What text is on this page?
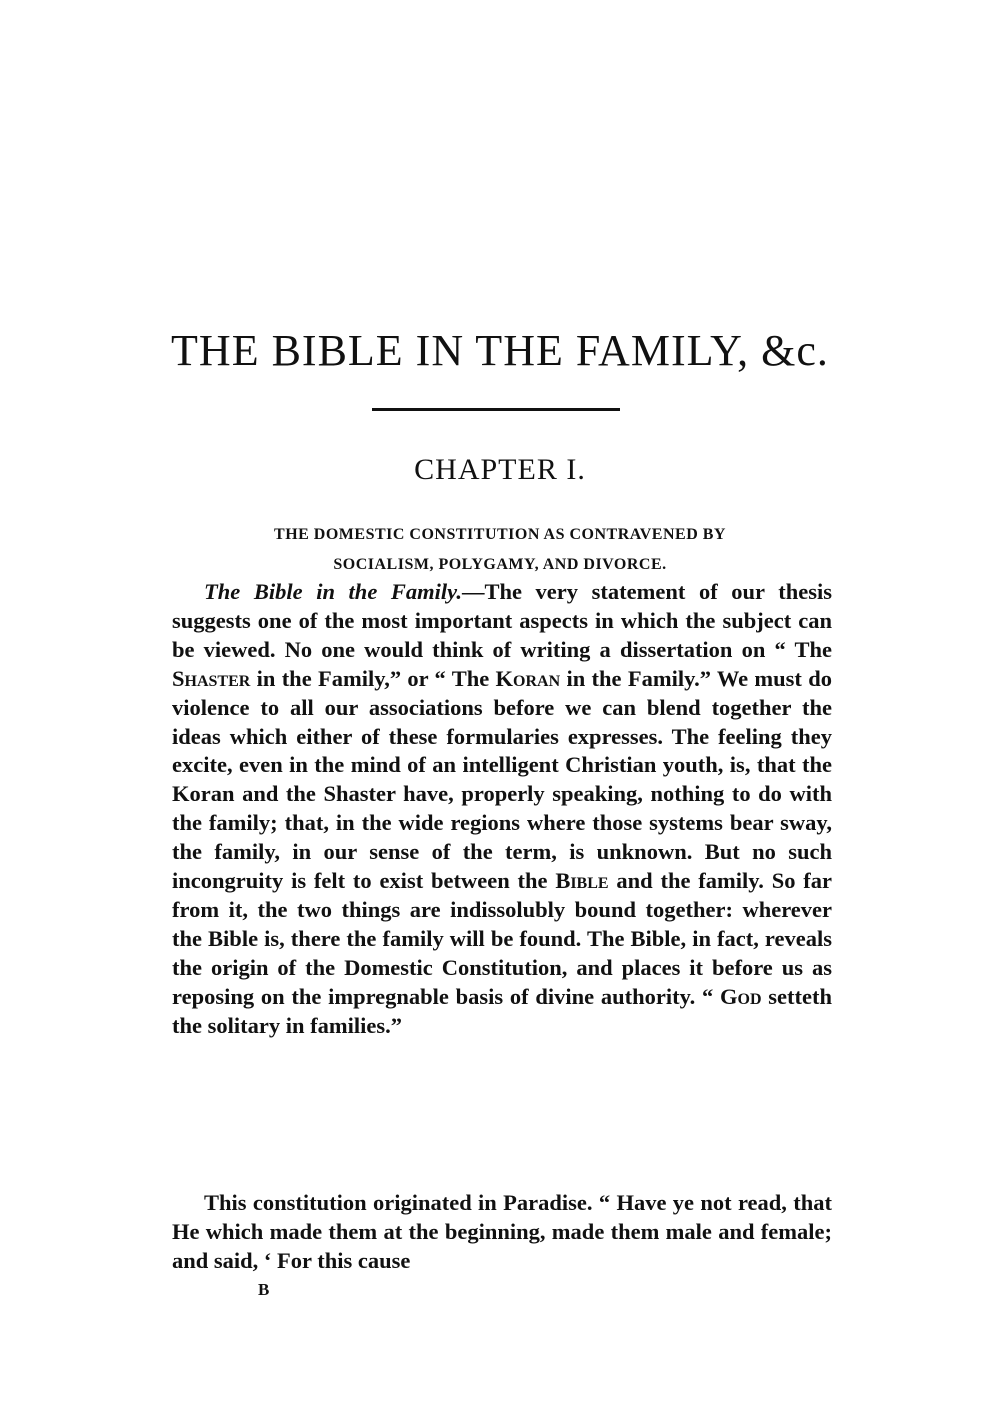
THE BIBLE IN THE FAMILY, &c.
CHAPTER I.
THE DOMESTIC CONSTITUTION AS CONTRAVENED BY
SOCIALISM, POLYGAMY, AND DIVORCE.

The Bible in the Family.—The very statement of our thesis suggests one of the most important aspects in which the subject can be viewed. No one would think of writing a dissertation on “ The Shaster in the Family,” or “ The Koran in the Family.” We must do violence to all our associations before we can blend together the ideas which either of these formularies expresses. The feeling they excite, even in the mind of an intelligent Christian youth, is, that the Koran and the Shaster have, properly speaking, nothing to do with the family; that, in the wide regions where those systems bear sway, the family, in our sense of the term, is unknown. But no such incongruity is felt to exist between the Bible and the family. So far from it, the two things are indissolubly bound together: wherever the Bible is, there the family will be found. The Bible, in fact, reveals the origin of the Domestic Constitution, and places it before us as reposing on the impregnable basis of divine authority. “ God setteth the solitary in families.”

This constitution originated in Paradise. “ Have ye not read, that He which made them at the beginning, made them male and female; and said, ‘ For this cause

B
